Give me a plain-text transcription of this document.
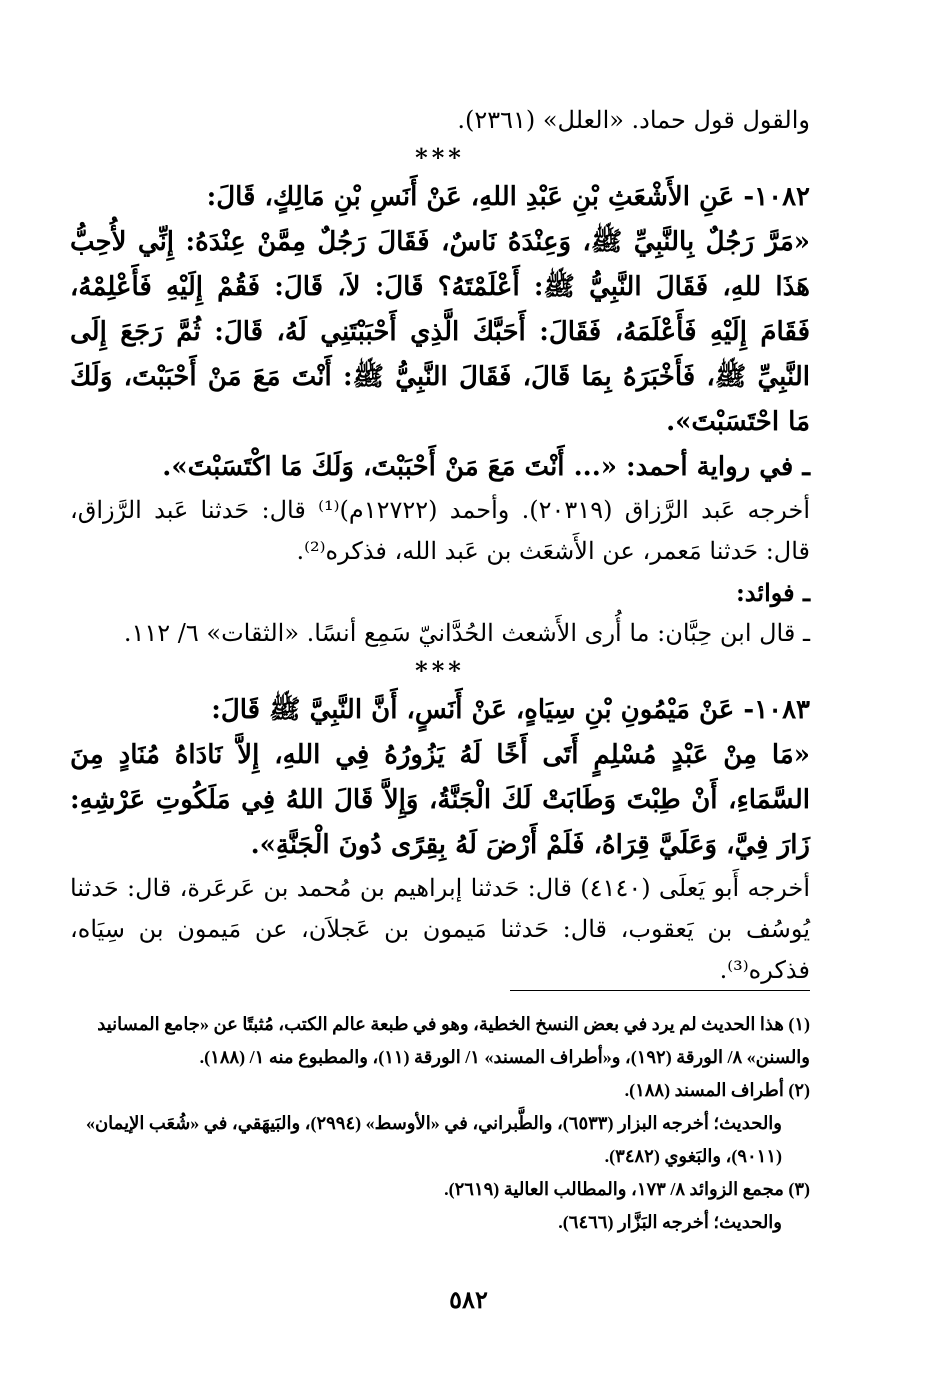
والقول قول حماد. «العلل» (٢٣٦١).

***

١٠٨٢- عَنِ الأَشْعَثِ بْنِ عَبْدِ اللهِ، عَنْ أَنَسِ بْنِ مَالِكٍ، قَالَ:

«مَرَّ رَجُلٌ بِالنَّبِيِّ ﷺ، وَعِنْدَهُ نَاسٌ، فَقَالَ رَجُلٌ مِمَّنْ عِنْدَهُ: إِنِّي لأُحِبُّ هَذَا للهِ، فَقَالَ النَّبِيُّ ﷺ: أَعْلَمْتَهُ؟ قَالَ: لاَ، قَالَ: فَقُمْ إِلَيْهِ فَأَعْلِمْهُ، فَقَامَ إِلَيْهِ فَأَعْلَمَهُ، فَقَالَ: أَحَبَّكَ الَّذِي أَحْبَبْتَنِي لَهُ، قَالَ: ثُمَّ رَجَعَ إِلَى النَّبِيِّ ﷺ، فَأَخْبَرَهُ بِمَا قَالَ، فَقَالَ النَّبِيُّ ﷺ: أَنْتَ مَعَ مَنْ أَحْبَبْتَ، وَلَكَ مَا احْتَسَبْتَ».

ـ في رواية أحمد: «... أَنْتَ مَعَ مَنْ أَحْبَبْتَ، وَلَكَ مَا اكْتَسَبْتَ».

أخرجه عَبد الرَّزاق (٢٠٣١٩). وأحمد (١٢٧٢٢م)⁽¹⁾ قال: حَدثنا عَبد الرَّزاق، قال: حَدثنا مَعمر، عن الأَشعَث بن عَبد الله، فذكره⁽²⁾.

ـ فوائد:

ـ قال ابن حِبَّان: ما أُرى الأَشعث الحُدَّانيّ سَمِع أنسًا. «الثقات» ٦/ ١١٢.

***

١٠٨٣- عَنْ مَيْمُونِ بْنِ سِيَاهٍ، عَنْ أَنَسٍ، أَنَّ النَّبِيَّ ﷺ قَالَ:

«مَا مِنْ عَبْدٍ مُسْلِمٍ أَتَى أَخًا لَهُ يَزُورُهُ فِي اللهِ، إِلاَّ نَادَاهُ مُنَادٍ مِنَ السَّمَاءِ، أَنْ طِبْتَ وَطَابَتْ لَكَ الْجَنَّةُ، وَإِلاَّ قَالَ اللهُ فِي مَلَكُوتِ عَرْشِهِ: زَارَ فِيَّ، وَعَلَيَّ قِرَاهُ، فَلَمْ أَرْضَ لَهُ بِقِرًى دُونَ الْجَنَّةِ».

أخرجه أَبو يَعلَى (٤١٤٠) قال: حَدثنا إبراهيم بن مُحمد بن عَرعَرة، قال: حَدثنا يُوسُف بن يَعقوب، قال: حَدثنا مَيمون بن عَجلاَن، عن مَيمون بن سِيَاه، فذكره⁽³⁾.

(١) هذا الحديث لم يرد في بعض النسخ الخطية، وهو في طبعة عالم الكتب، مُثبتًا عن «جامع المسانيد والسنن» ٨/ الورقة (١٩٢)، و«أطراف المسند» ١/ الورقة (١١)، والمطبوع منه ١/ (١٨٨).

(٢) أطراف المسند (١٨٨).

والحديث؛ أخرجه البزار (٦٥٣٣)، والطَّبراني، في «الأوسط» (٢٩٩٤)، والبَيهَقي، في «شُعَب الإيمان» (٩٠١١)، والبَغوي (٣٤٨٢).

(٣) مجمع الزوائد ٨/ ١٧٣، والمطالب العالية (٢٦١٩).

والحديث؛ أخرجه البَزَّار (٦٤٦٦).

٥٨٢
